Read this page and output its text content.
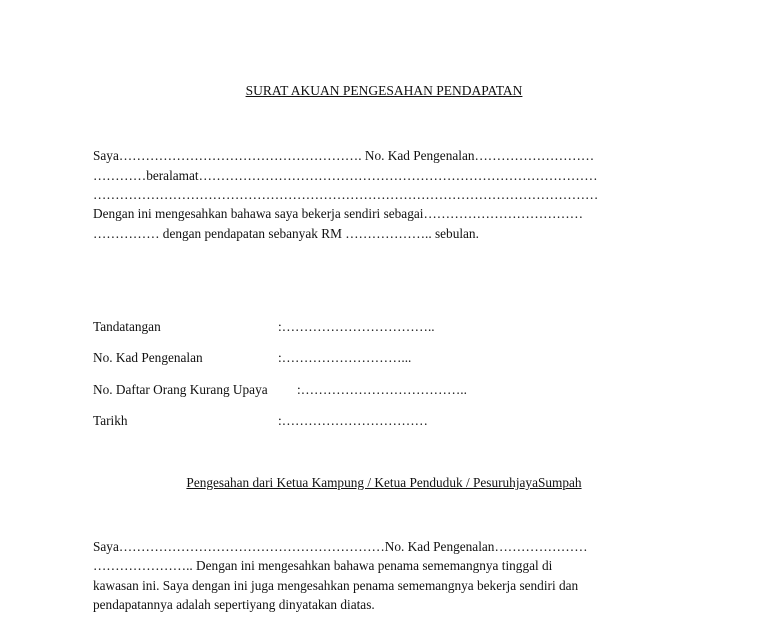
SURAT AKUAN PENGESAHAN PENDAPATAN
Saya………………………………………………. No. Kad Pengenalan………………………
…………beralamat………………………………………………………………………………
……………………………………………………………………………………………………
Dengan ini mengesahkan bahawa saya bekerja sendiri sebagai………………………………
…………… dengan pendapatan sebanyak RM ……………….. sebulan.
Tandatangan	:……………………………..
No. Kad Pengenalan	:………………………...
No. Daftar Orang Kurang Upaya :………………………………..
Tarikh	:……………………………
Pengesahan dari Ketua Kampung / Ketua Penduduk / PesuruhjayaSumpah
Saya……………………………………………………No. Kad Pengenalan…………………
………………….. Dengan ini mengesahkan bahawa penama sememangnya tinggal di
kawasan ini. Saya dengan ini juga mengesahkan penama sememangnya bekerja sendiri dan
pendapatannya adalah sepertiyang dinyatakan diatas.
